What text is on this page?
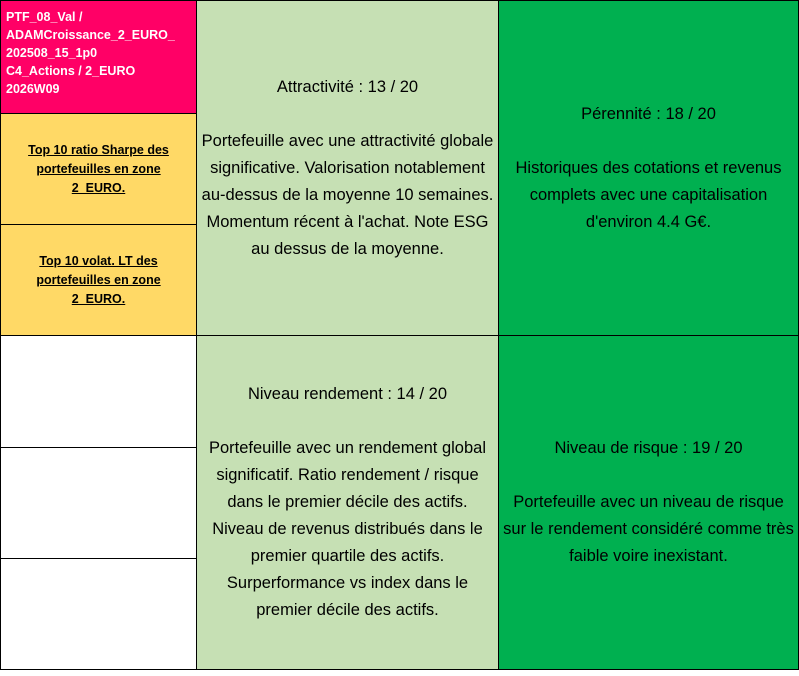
PTF_08_Val /
ADAMCroissance_2_EURO_
202508_15_1p0
C4_Actions / 2_EURO
2026W09
Top 10 ratio Sharpe des portefeuilles en zone 2_EURO.
Top 10 volat. LT des portefeuilles en zone 2_EURO.
Attractivité : 13 / 20
Portefeuille avec une attractivité globale significative. Valorisation notablement au-dessus de la moyenne 10 semaines. Momentum récent à l'achat. Note ESG au dessus de la moyenne.
Pérennité : 18 / 20
Historiques des cotations et revenus complets avec une capitalisation d'environ 4.4 G€.
Niveau rendement : 14 / 20
Portefeuille avec un rendement global significatif. Ratio rendement / risque dans le premier décile des actifs. Niveau de revenus distribués dans le premier quartile des actifs. Surperformance vs index dans le premier décile des actifs.
Niveau de risque : 19 / 20
Portefeuille avec un niveau de risque sur le rendement considéré comme très faible voire inexistant.
